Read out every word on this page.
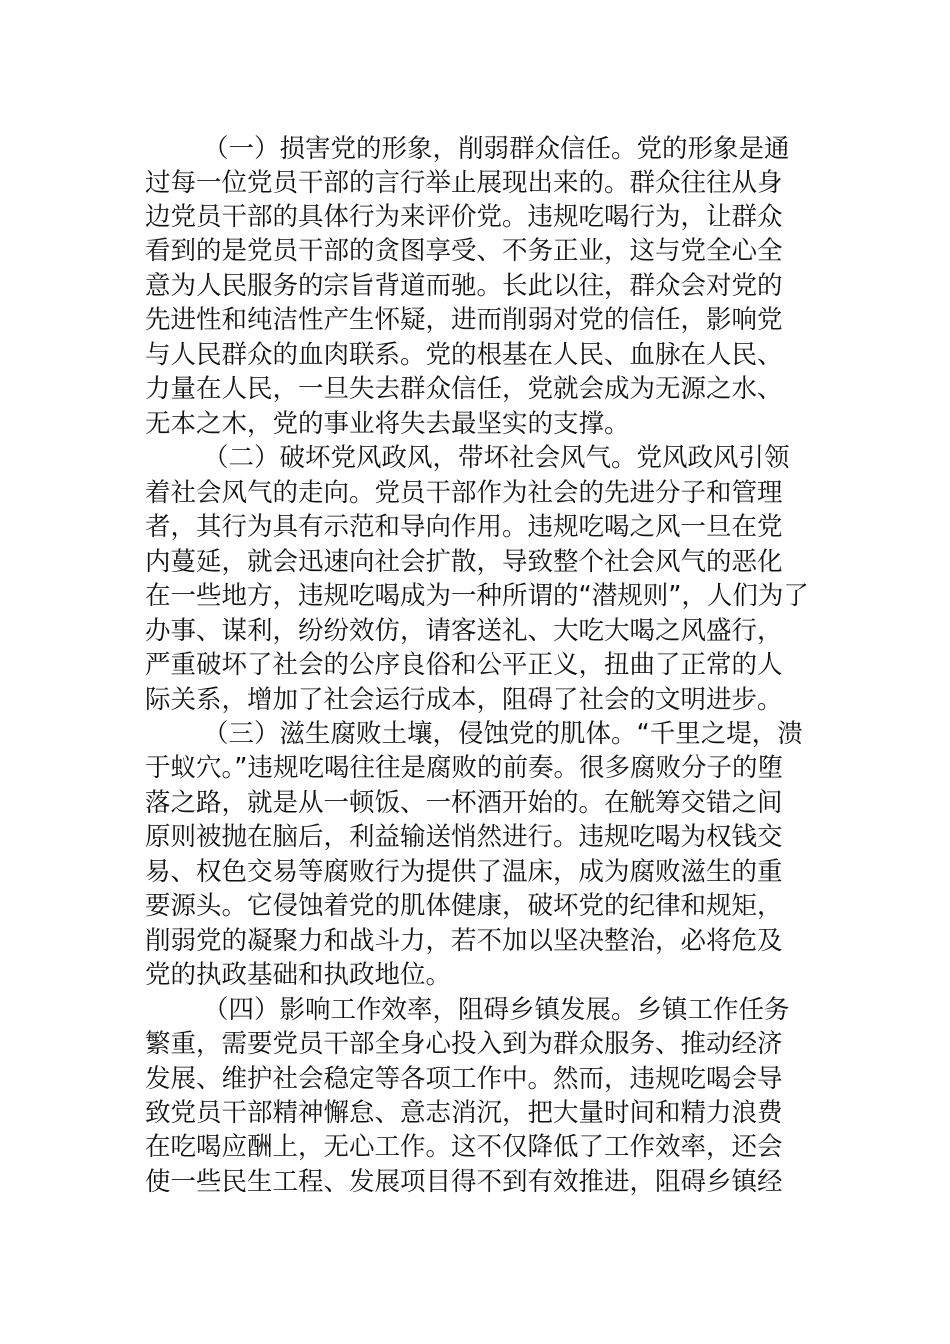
（一）损害党的形象，削弱群众信任。党的形象是通
过每一位党员干部的言行举止展现出来的。群众往往从身
边党员干部的具体行为来评价党。违规吃喝行为，让群众
看到的是党员干部的贪图享受、不务正业，这与党全心全
意为人民服务的宗旨背道而驰。长此以往，群众会对党的
先进性和纯洁性产生怀疑，进而削弱对党的信任，影响党
与人民群众的血肉联系。党的根基在人民、血脉在人民、
力量在人民，一旦失去群众信任，党就会成为无源之水、
无本之木，党的事业将失去最坚实的支撑。
（二）破坏党风政风，带坏社会风气。党风政风引领
着社会风气的走向。党员干部作为社会的先进分子和管理
者，其行为具有示范和导向作用。违规吃喝之风一旦在党
内蔓延，就会迅速向社会扩散，导致整个社会风气的恶化
在一些地方，违规吃喝成为一种所谓的“潜规则”，人们为了
办事、谋利，纷纷效仿，请客送礼、大吃大喝之风盛行，
严重破坏了社会的公序良俗和公平正义，扭曲了正常的人
际关系，增加了社会运行成本，阻碍了社会的文明进步。
（三）滋生腐败土壤，侵蚀党的肌体。“千里之堤，溃
于蚁穴。”违规吃喝往往是腐败的前奏。很多腐败分子的堕
落之路，就是从一顿饭、一杯酒开始的。在觥筹交错之间
原则被抛在脑后，利益输送悄然进行。违规吃喝为权钱交
易、权色交易等腐败行为提供了温床，成为腐败滋生的重
要源头。它侵蚀着党的肌体健康，破坏党的纪律和规矩，
削弱党的凝聚力和战斗力，若不加以坚决整治，必将危及
党的执政基础和执政地位。
（四）影响工作效率，阻碍乡镇发展。乡镇工作任务
繁重，需要党员干部全身心投入到为群众服务、推动经济
发展、维护社会稳定等各项工作中。然而，违规吃喝会导
致党员干部精神懈怠、意志消沉，把大量时间和精力浪费
在吃喝应酬上，无心工作。这不仅降低了工作效率，还会
使一些民生工程、发展项目得不到有效推进，阻碍乡镇经
